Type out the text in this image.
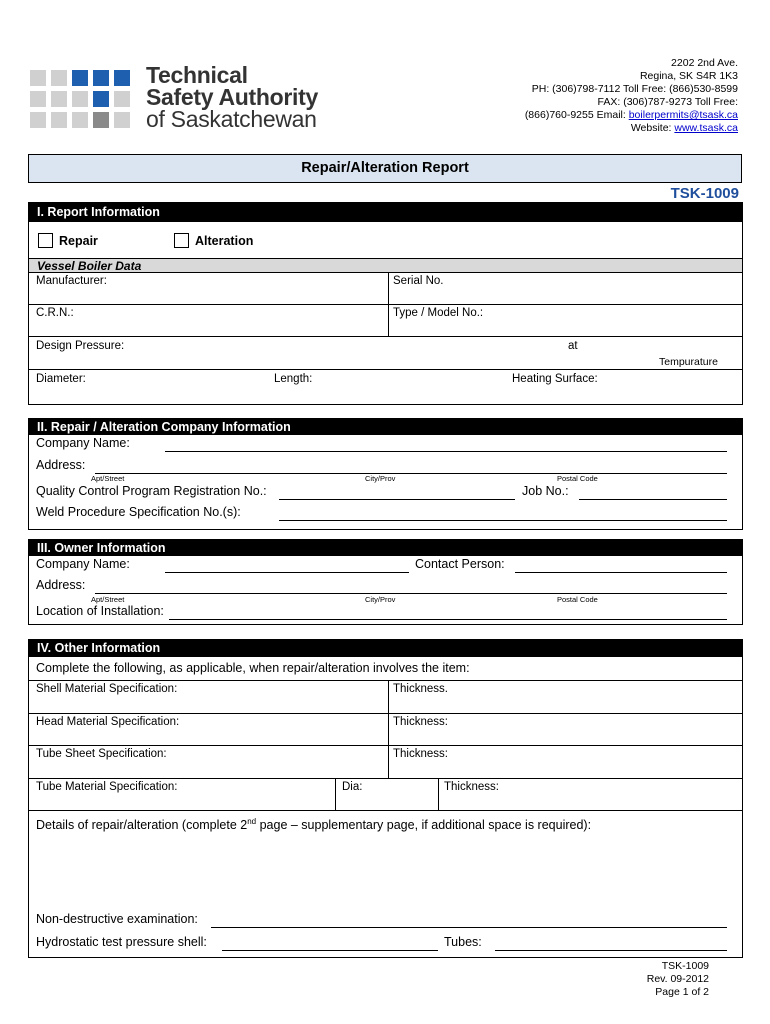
Technical
Safety Authority
of Saskatchewan
2202 2nd Ave.
Regina, SK S4R 1K3
PH: (306)798-7112 Toll Free: (866)530-8599
FAX: (306)787-9273 Toll Free:
(866)760-9255 Email: boilerpermits@tsask.ca
Website: www.tsask.ca
Repair/Alteration Report
TSK-1009
I. Report Information
Repair	Alteration
Vessel Boiler Data
Manufacturer:	Serial No.
C.R.N.:	Type / Model No.:
Design Pressure:	at
Tempurature
Diameter:	Length:	Heating Surface:
II. Repair / Alteration Company Information
Company Name:
Address:
Apt/Street	City/Prov	Postal Code
Quality Control Program Registration No.:	Job No.:
Weld Procedure Specification No.(s):
III. Owner Information
Company Name:	Contact Person:
Address:
Apt/Street	City/Prov	Postal Code
Location of Installation:
IV. Other Information
Complete the following, as applicable, when repair/alteration involves the item:
Shell Material Specification:	Thickness.
Head Material Specification:	Thickness:
Tube Sheet Specification:	Thickness:
Tube Material Specification:	Dia:	Thickness:
Details of repair/alteration (complete 2nd page – supplementary page, if additional space is required):
Non-destructive examination:
Hydrostatic test pressure shell:	Tubes:
TSK-1009
Rev. 09-2012
Page 1 of 2
